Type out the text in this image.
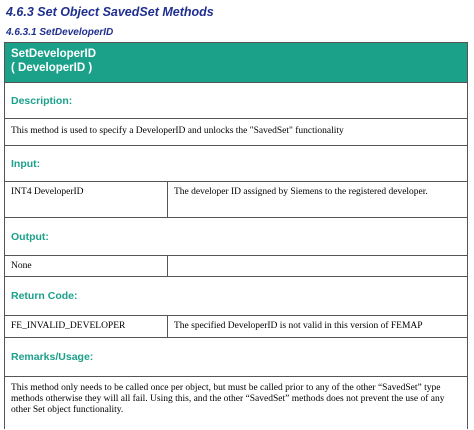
4.6.3 Set Object SavedSet Methods
4.6.3.1 SetDeveloperID
SetDeveloperID
( DeveloperID )
Description:
This method is used to specify a DeveloperID and unlocks the "SavedSet" functionality
Input:
INT4 DeveloperID	The developer ID assigned by Siemens to the registered developer.
Output:
None
Return Code:
FE_INVALID_DEVELOPER	The specified DeveloperID is not valid in this version of FEMAP
Remarks/Usage:
This method only needs to be called once per object, but must be called prior to any of the other “SavedSet” type methods otherwise they will all fail. Using this, and the other “SavedSet” methods does not prevent the use of any other Set object functionality.
